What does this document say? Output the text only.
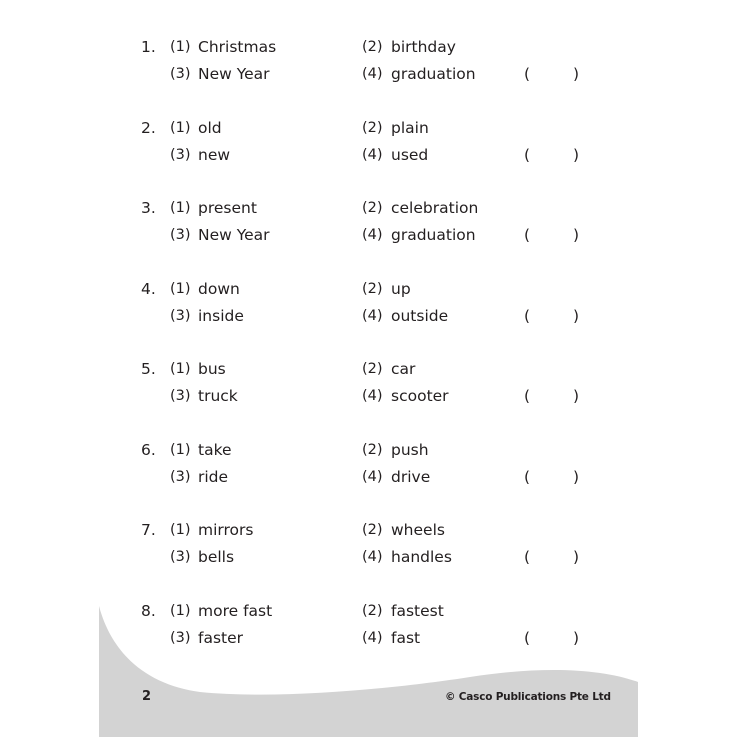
1. (1) Christmas	(2) birthday
(3) New Year	(4) graduation	(	)
2. (1) old	(2) plain
(3) new	(4) used	(	)
3. (1) present	(2) celebration
(3) New Year	(4) graduation	(	)
4. (1) down	(2) up
(3) inside	(4) outside	(	)
5. (1) bus	(2) car
(3) truck	(4) scooter	(	)
6. (1) take	(2) push
(3) ride	(4) drive	(	)
7. (1) mirrors	(2) wheels
(3) bells	(4) handles	(	)
8. (1) more fast	(2) fastest
(3) faster	(4) fast	(	)
2	© Casco Publications Pte Ltd
